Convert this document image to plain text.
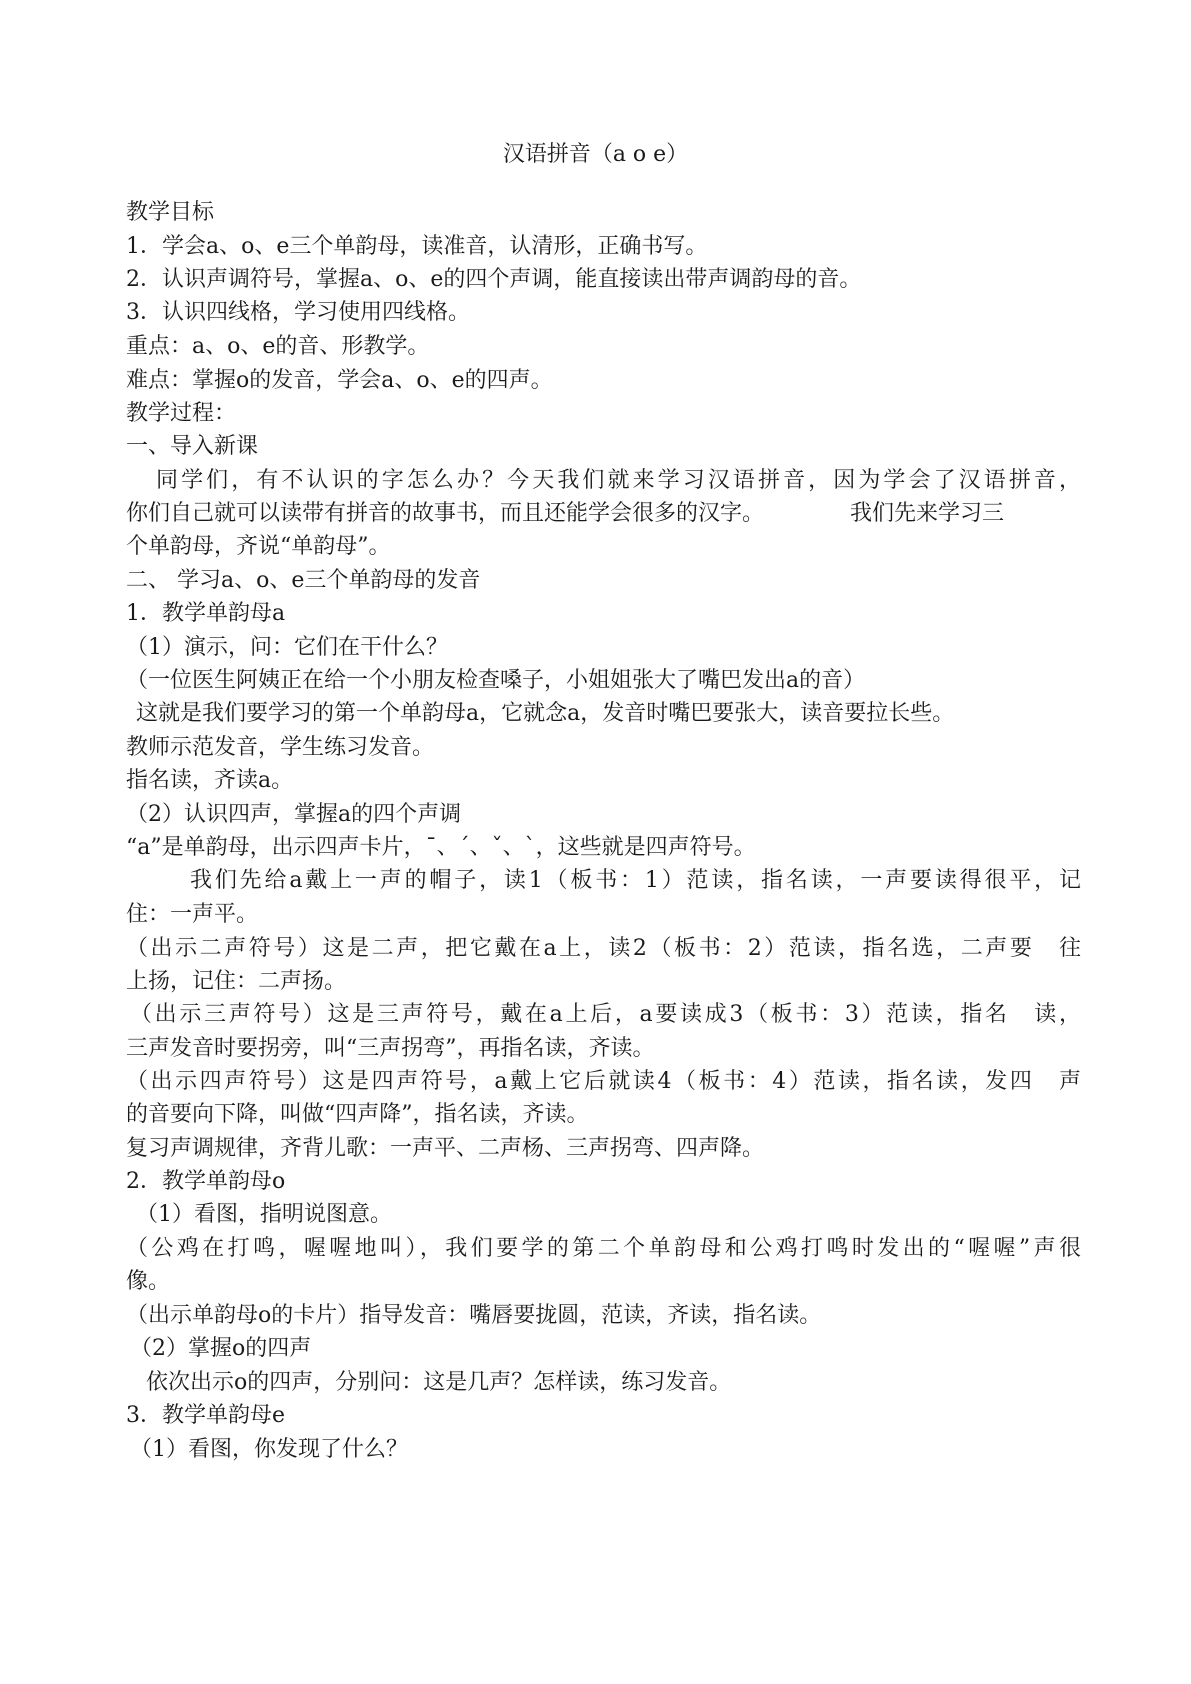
汉语拼音（a o e）
教学目标
1．学会a、o、e三个单韵母，读准音，认清形，正确书写。
2．认识声调符号，掌握a、o、e的四个声调，能直接读出带声调韵母的音。
3．认识四线格，学习使用四线格。
重点：a、o、e的音、形教学。
难点：掌握o的发音，学会a、o、e的四声。
教学过程：
一、导入新课
同学们，有不认识的字怎么办？今天我们就来学习汉语拼音，因为学会了汉语拼音，
你们自己就可以读带有拼音的故事书，而且还能学会很多的汉字。	我们先来学习三
个单韵母，齐说“单韵母”。
二、 学习a、o、e三个单韵母的发音
1．教学单韵母a
（1）演示，问：它们在干什么？
（一位医生阿姨正在给一个小朋友检查嗓子，小姐姐张大了嘴巴发出a的音）
这就是我们要学习的第一个单韵母a，它就念a，发音时嘴巴要张大，读音要拉长些。
教师示范发音，学生练习发音。
指名读，齐读a。
（2）认识四声，掌握a的四个声调
“a”是单韵母，出示四声卡片，ˉ、ˊ、ˇ、ˋ，这些就是四声符号。
我们先给a戴上一声的帽子，读1（板书：1）范读，指名读，一声要读得很平，记
住：一声平。
（出示二声符号）这是二声，把它戴在a上，读2（板书：2）范读，指名选，二声要　往
上扬，记住：二声扬。
（出示三声符号）这是三声符号，戴在a上后，a要读成3（板书：3）范读，指名　读，
三声发音时要拐旁，叫“三声拐弯”，再指名读，齐读。
（出示四声符号）这是四声符号，a戴上它后就读4（板书：4）范读，指名读，发四　声
的音要向下降，叫做“四声降”，指名读，齐读。
复习声调规律，齐背儿歌：一声平、二声杨、三声拐弯、四声降。
2．教学单韵母o
（1）看图，指明说图意。
（公鸡在打鸣，喔喔地叫），我们要学的第二个单韵母和公鸡打鸣时发出的“喔喔”声很
像。
（出示单韵母o的卡片）指导发音：嘴唇要拢圆，范读，齐读，指名读。
（2）掌握o的四声
依次出示o的四声，分别问：这是几声？怎样读，练习发音。
3．教学单韵母e
（1）看图，你发现了什么？
